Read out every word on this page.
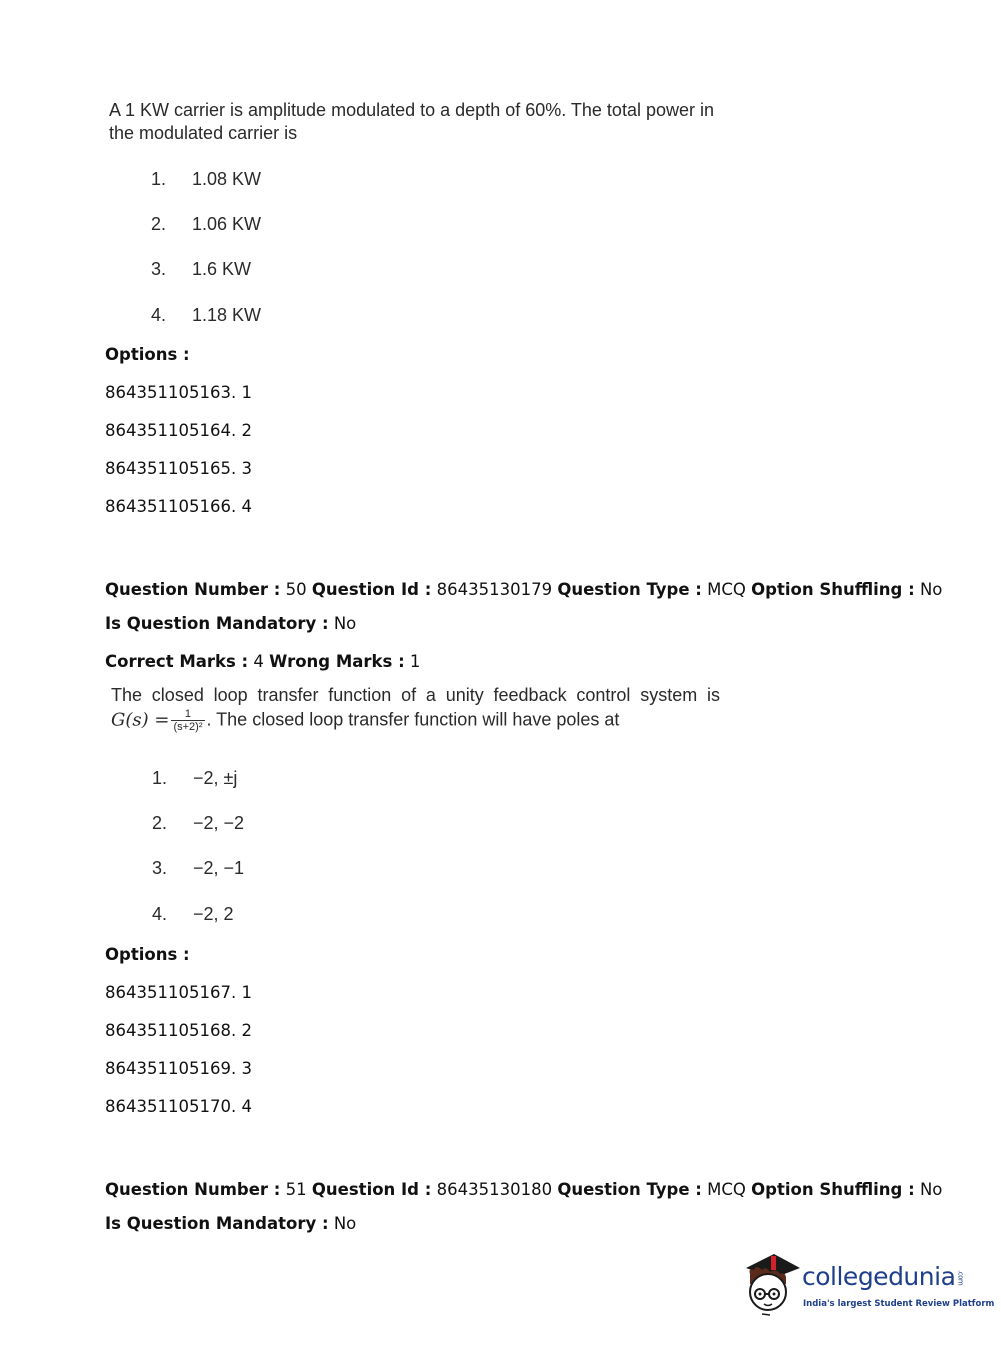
A 1 KW carrier is amplitude modulated to a depth of 60%. The total power in
the modulated carrier is
1. 1.08 KW
2. 1.06 KW
3. 1.6 KW
4. 1.18 KW
Options :
864351105163. 1
864351105164. 2
864351105165. 3
864351105166. 4
Question Number : 50 Question Id : 86435130179 Question Type : MCQ Option Shuffling : No
Is Question Mandatory : No
Correct Marks : 4 Wrong Marks : 1
The closed loop transfer function of a unity feedback control system is
$G(s) = \frac{1}{\text{(s+2)²}}$ . The closed loop transfer function will have poles at
1. −2, ±j
2. −2, −2
3. −2, −1
4. −2, 2
Options :
864351105167. 1
864351105168. 2
864351105169. 3
864351105170. 4
Question Number : 51 Question Id : 86435130180 Question Type : MCQ Option Shuffling : No
Is Question Mandatory : No
collegedunia.com
India's largest Student Review Platform
